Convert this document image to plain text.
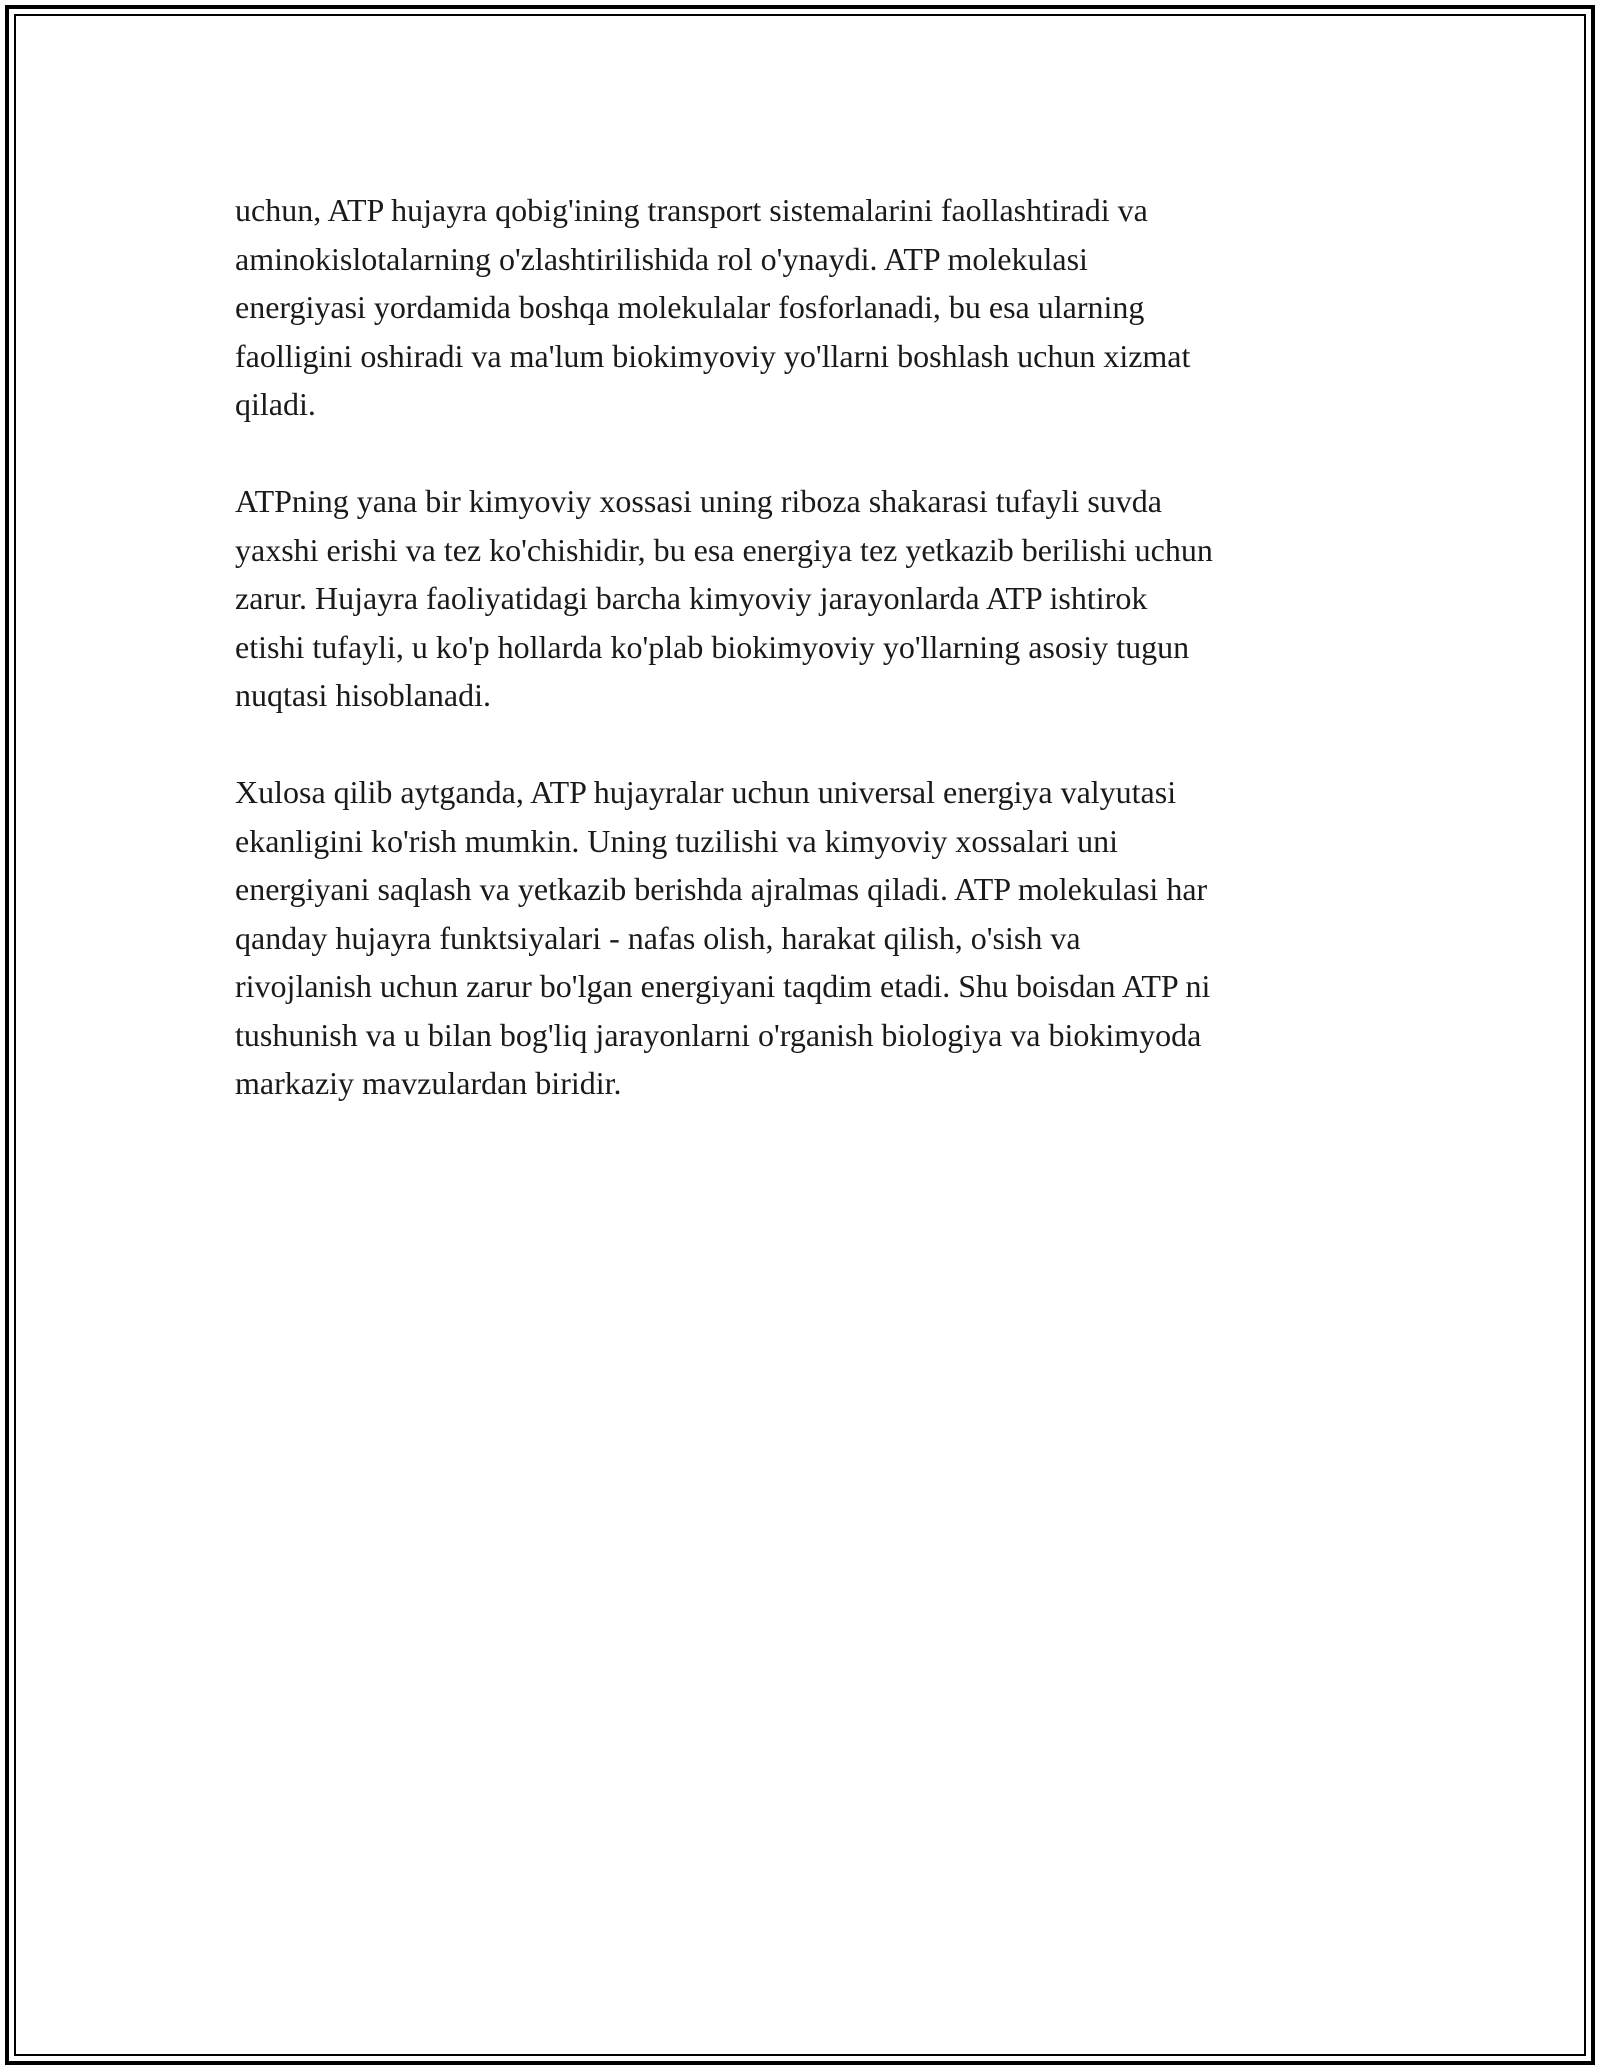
uchun, ATP hujayra qobig'ining transport sistemalarini faollashtiradi va
aminokislotalarning o'zlashtirilishida rol o'ynaydi. ATP molekulasi
energiyasi yordamida boshqa molekulalar fosforlanadi, bu esa ularning
faolligini oshiradi va ma'lum biokimyoviy yo'llarni boshlash uchun xizmat
qiladi.

ATPning yana bir kimyoviy xossasi uning riboza shakarasi tufayli suvda
yaxshi erishi va tez ko'chishidir, bu esa energiya tez yetkazib berilishi uchun
zarur. Hujayra faoliyatidagi barcha kimyoviy jarayonlarda ATP ishtirok
etishi tufayli, u ko'p hollarda ko'plab biokimyoviy yo'llarning asosiy tugun
nuqtasi hisoblanadi.

Xulosa qilib aytganda, ATP hujayralar uchun universal energiya valyutasi
ekanligini ko'rish mumkin. Uning tuzilishi va kimyoviy xossalari uni
energiyani saqlash va yetkazib berishda ajralmas qiladi. ATP molekulasi har
qanday hujayra funktsiyalari - nafas olish, harakat qilish, o'sish va
rivojlanish uchun zarur bo'lgan energiyani taqdim etadi. Shu boisdan ATP ni
tushunish va u bilan bog'liq jarayonlarni o'rganish biologiya va biokimyoda
markaziy mavzulardan biridir.
